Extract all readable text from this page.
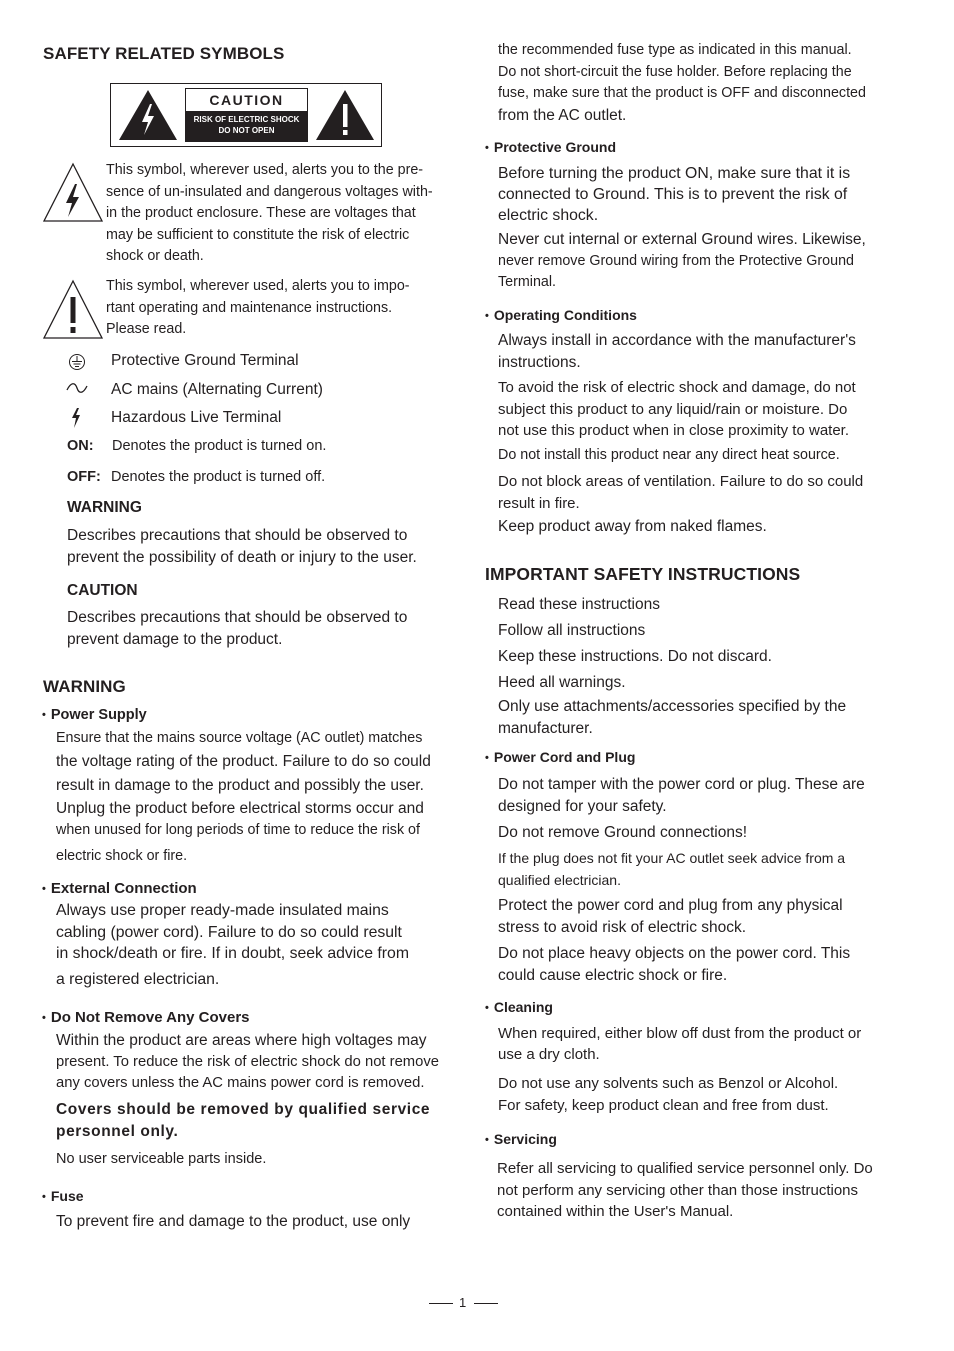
SAFETY RELATED SYMBOLS
CAUTION
RISK OF ELECTRIC SHOCK
DO NOT OPEN
This symbol, wherever used, alerts you to the pre-
sence of un-insulated and dangerous voltages with-
in the product enclosure. These are voltages that
may be sufficient to constitute the risk of electric
shock or death.
This symbol, wherever used, alerts you to impo-
rtant operating and maintenance instructions.
Please read.
Protective Ground Terminal
AC mains (Alternating Current)
Hazardous Live Terminal
ON: Denotes the product is turned on.
OFF: Denotes the product is turned off.
WARNING
Describes precautions that should be observed to
prevent the possibility of death or injury to the user.
CAUTION
Describes precautions that should be observed to
prevent damage to the product.
WARNING
• Power Supply
Ensure that the mains source voltage (AC outlet) matches
the voltage rating of the product. Failure to do so could
result in damage to the product and possibly the user.
Unplug the product before electrical storms occur and
when unused for long periods of time to reduce the risk of
electric shock or fire.
• External Connection
Always use proper ready-made insulated mains
cabling (power cord). Failure to do so could result
in shock/death or fire. If in doubt, seek advice from
a registered electrician.
• Do Not Remove Any Covers
Within the product are areas where high voltages may
present. To reduce the risk of electric shock do not remove
any covers unless the AC mains power cord is removed.
Covers should be removed by qualified service
personnel only.
No user serviceable parts inside.
• Fuse
To prevent fire and damage to the product, use only
the recommended fuse type as indicated in this manual.
Do not short-circuit the fuse holder. Before replacing the
fuse, make sure that the product is OFF and disconnected
from the AC outlet.
• Protective Ground
Before turning the product ON, make sure that it is
connected to Ground. This is to prevent the risk of
electric shock.
Never cut internal or external Ground wires. Likewise,
never remove Ground wiring from the Protective Ground
Terminal.
• Operating Conditions
Always install in accordance with the manufacturer's
instructions.
To avoid the risk of electric shock and damage, do not
subject this product to any liquid/rain or moisture. Do
not use this product when in close proximity to water.
Do not install this product near any direct heat source.
Do not block areas of ventilation. Failure to do so could
result in fire.
Keep product away from naked flames.
IMPORTANT SAFETY INSTRUCTIONS
Read these instructions
Follow all instructions
Keep these instructions. Do not discard.
Heed all warnings.
Only use attachments/accessories specified by the
manufacturer.
• Power Cord and Plug
Do not tamper with the power cord or plug. These are
designed for your safety.
Do not remove Ground connections!
If the plug does not fit your AC outlet seek advice from a
qualified electrician.
Protect the power cord and plug from any physical
stress to avoid risk of electric shock.
Do not place heavy objects on the power cord. This
could cause electric shock or fire.
• Cleaning
When required, either blow off dust from the product or
use a dry cloth.
Do not use any solvents such as Benzol or Alcohol.
For safety, keep product clean and free from dust.
• Servicing
Refer all servicing to qualified service personnel only. Do
not perform any servicing other than those instructions
contained within the User's Manual.
1
